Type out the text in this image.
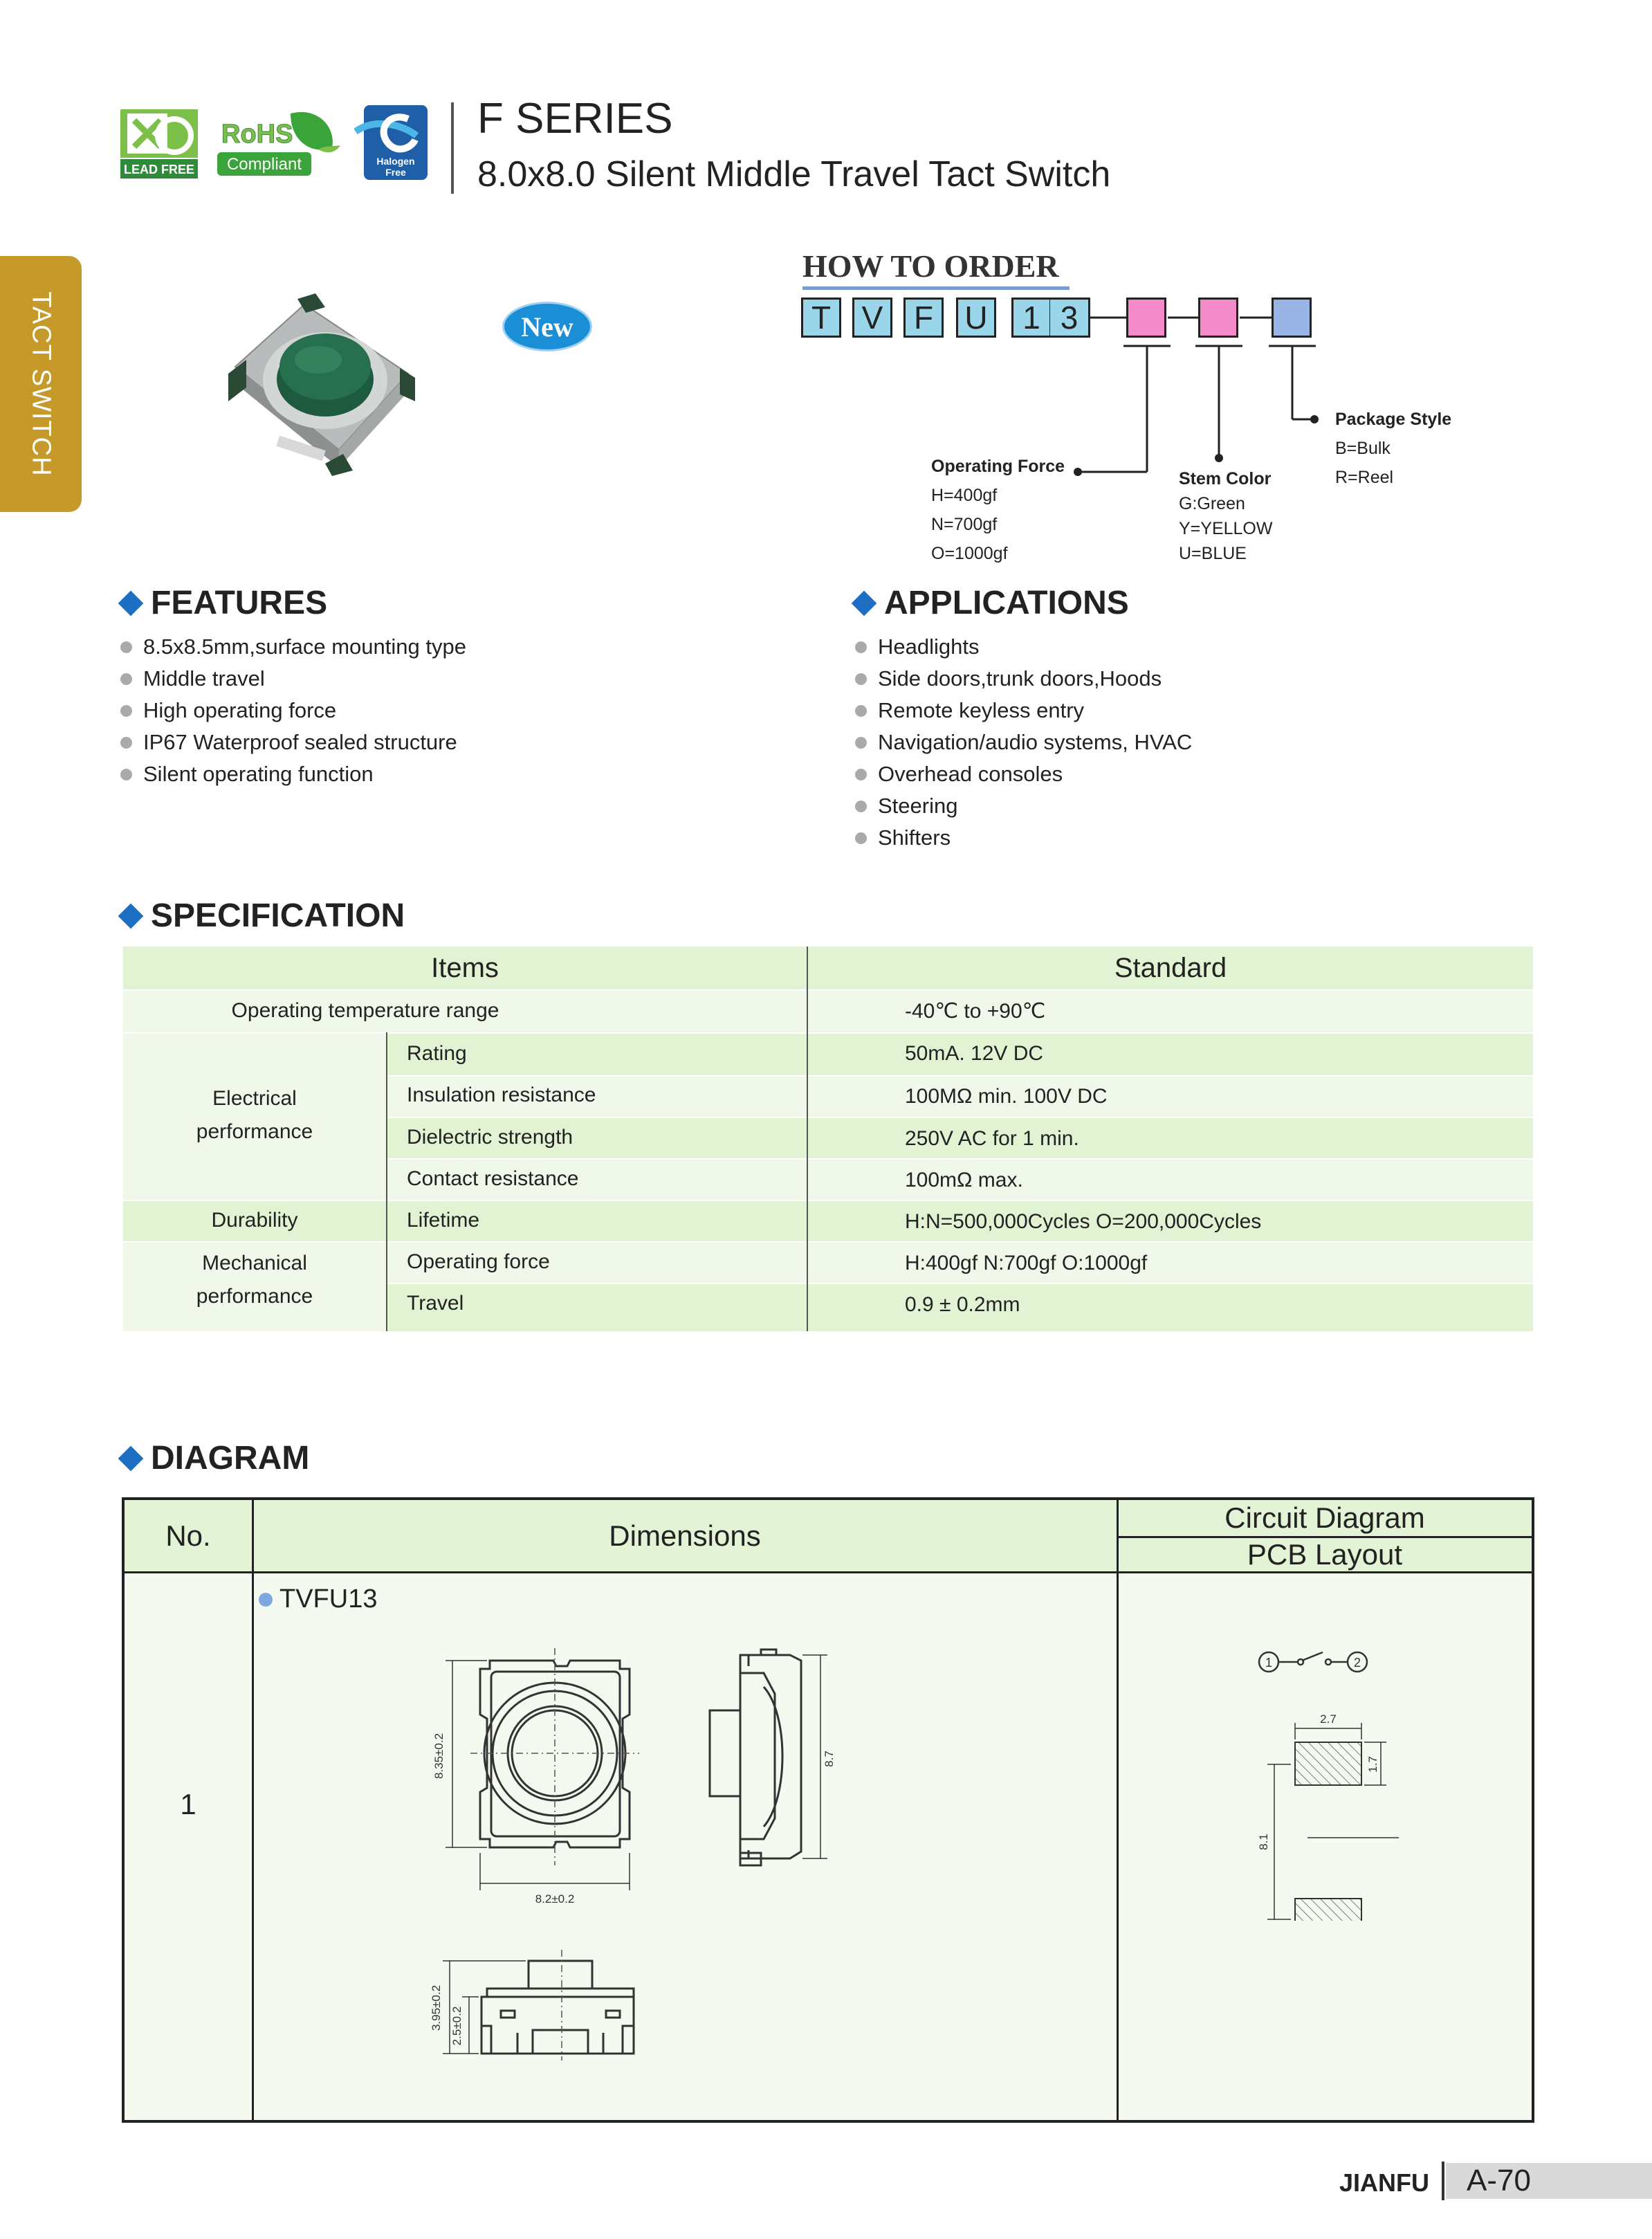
LEAD FREE
RoHS
Compliant	Halogen
Free
F SERIES
8.0x8.0 Silent Middle Travel Tact Switch
TACT SWITCH	New
HOW TO ORDER
T V F U	1 3
Operating Force
H=400gf
N=700gf
O=1000gf
Stem Color
G:Green
Y=YELLOW
U=BLUE
Package Style
B=Bulk
R=Reel
FEATURES
8.5x8.5mm,surface mounting type
Middle travel
High operating force
IP67 Waterproof sealed structure
Silent operating function
APPLICATIONS
Headlights
Side doors,trunk doors,Hoods
Remote keyless entry
Navigation/audio systems, HVAC
Overhead consoles
Steering
Shifters
SPECIFICATION
Items	Standard
Operating temperature range	-40℃ to +90℃
Electrical
performance
Rating	50mA. 12V DC
Insulation resistance	100MΩ min. 100V DC
Dielectric strength	250V AC for 1 min.
Contact resistance	100mΩ max.
Durability	Lifetime	H:N=500,000Cycles O=200,000Cycles
Mechanical
performance
Operating force	H:400gf N:700gf O:1000gf
Travel	0.9 ± 0.2mm
DIAGRAM
No.	Dimensions
Circuit Diagram
PCB Layout
1
TVFU13
8.35±0.2
8.2±0.2
8.7
3.95±0.2 2.5±0.2
1	2
2.7
1.7
8.1
JIANFU	A-70
